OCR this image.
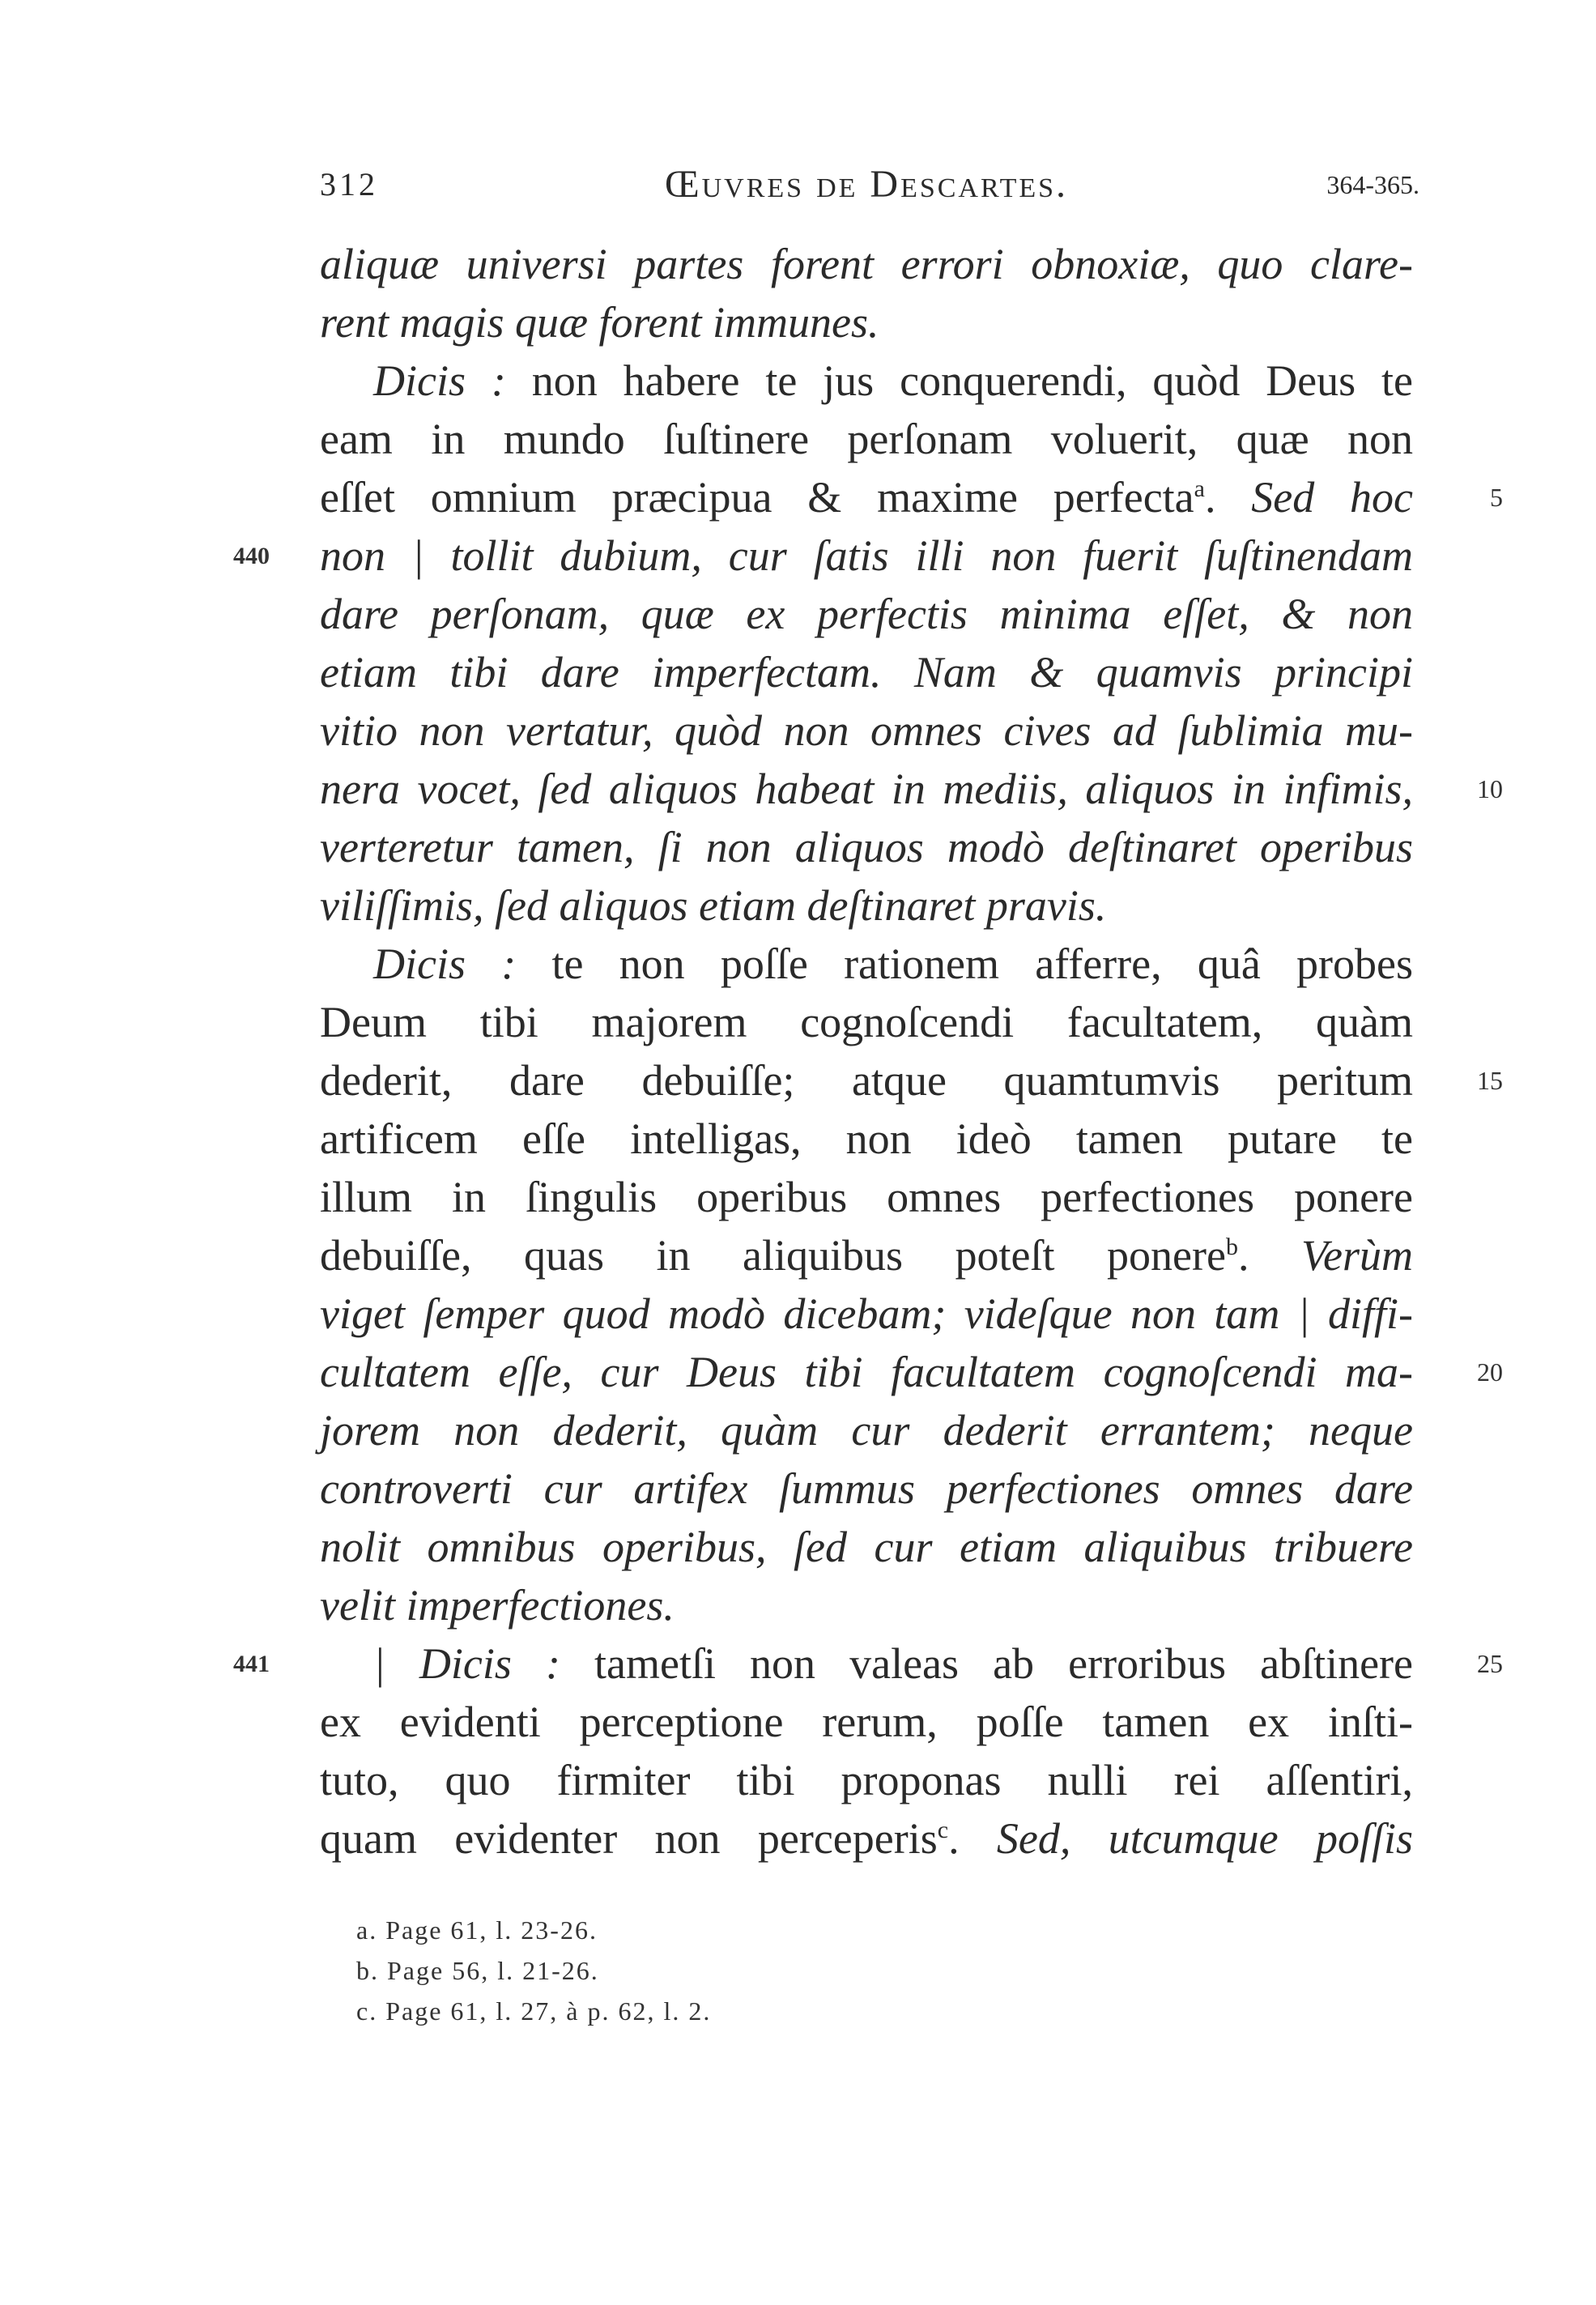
312	Œuvres de Descartes.	364-365.
aliquæ universi partes forent errori obnoxiæ, quo clare-
rent magis quæ forent immunes.
Dicis : non habere te jus conquerendi, quòd Deus te
eam in mundo ſuſtinere perſonam voluerit, quæ non
eſſet omnium præcipua & maxime perfecta$^a$. Sed hoc
non | tollit dubium, cur ſatis illi non fuerit ſuſtinendam
dare perſonam, quæ ex perfectis minima eſſet, & non
etiam tibi dare imperfectam. Nam & quamvis principi
vitio non vertatur, quòd non omnes cives ad ſublimia mu-
nera vocet, ſed aliquos habeat in mediis, aliquos in infimis,
verteretur tamen, ſi non aliquos modò deſtinaret operibus
viliſſimis, ſed aliquos etiam deſtinaret pravis.
Dicis : te non poſſe rationem afferre, quâ probes
Deum tibi majorem cognoſcendi facultatem, quàm
dederit, dare debuiſſe; atque quamtumvis peritum
artificem eſſe intelligas, non ideò tamen putare te
illum in ſingulis operibus omnes perfectiones ponere
debuiſſe, quas in aliquibus poteſt ponere$^b$. Verùm
viget ſemper quod modò dicebam; videſque non tam | diffi-
cultatem eſſe, cur Deus tibi facultatem cognoſcendi ma-
jorem non dederit, quàm cur dederit errantem; neque
controverti cur artifex ſummus perfectiones omnes dare
nolit omnibus operibus, ſed cur etiam aliquibus tribuere
velit imperfectiones.
| Dicis : tametſi non valeas ab erroribus abſtinere
ex evidenti perceptione rerum, poſſe tamen ex inſti-
tuto, quo firmiter tibi proponas nulli rei aſſentiri,
quam evidenter non perceperis$^c$. Sed, utcumque poſſis
440
441
5
10
15
20
25
a. Page 61, l. 23-26.
b. Page 56, l. 21-26.
c. Page 61, l. 27, à p. 62, l. 2.
